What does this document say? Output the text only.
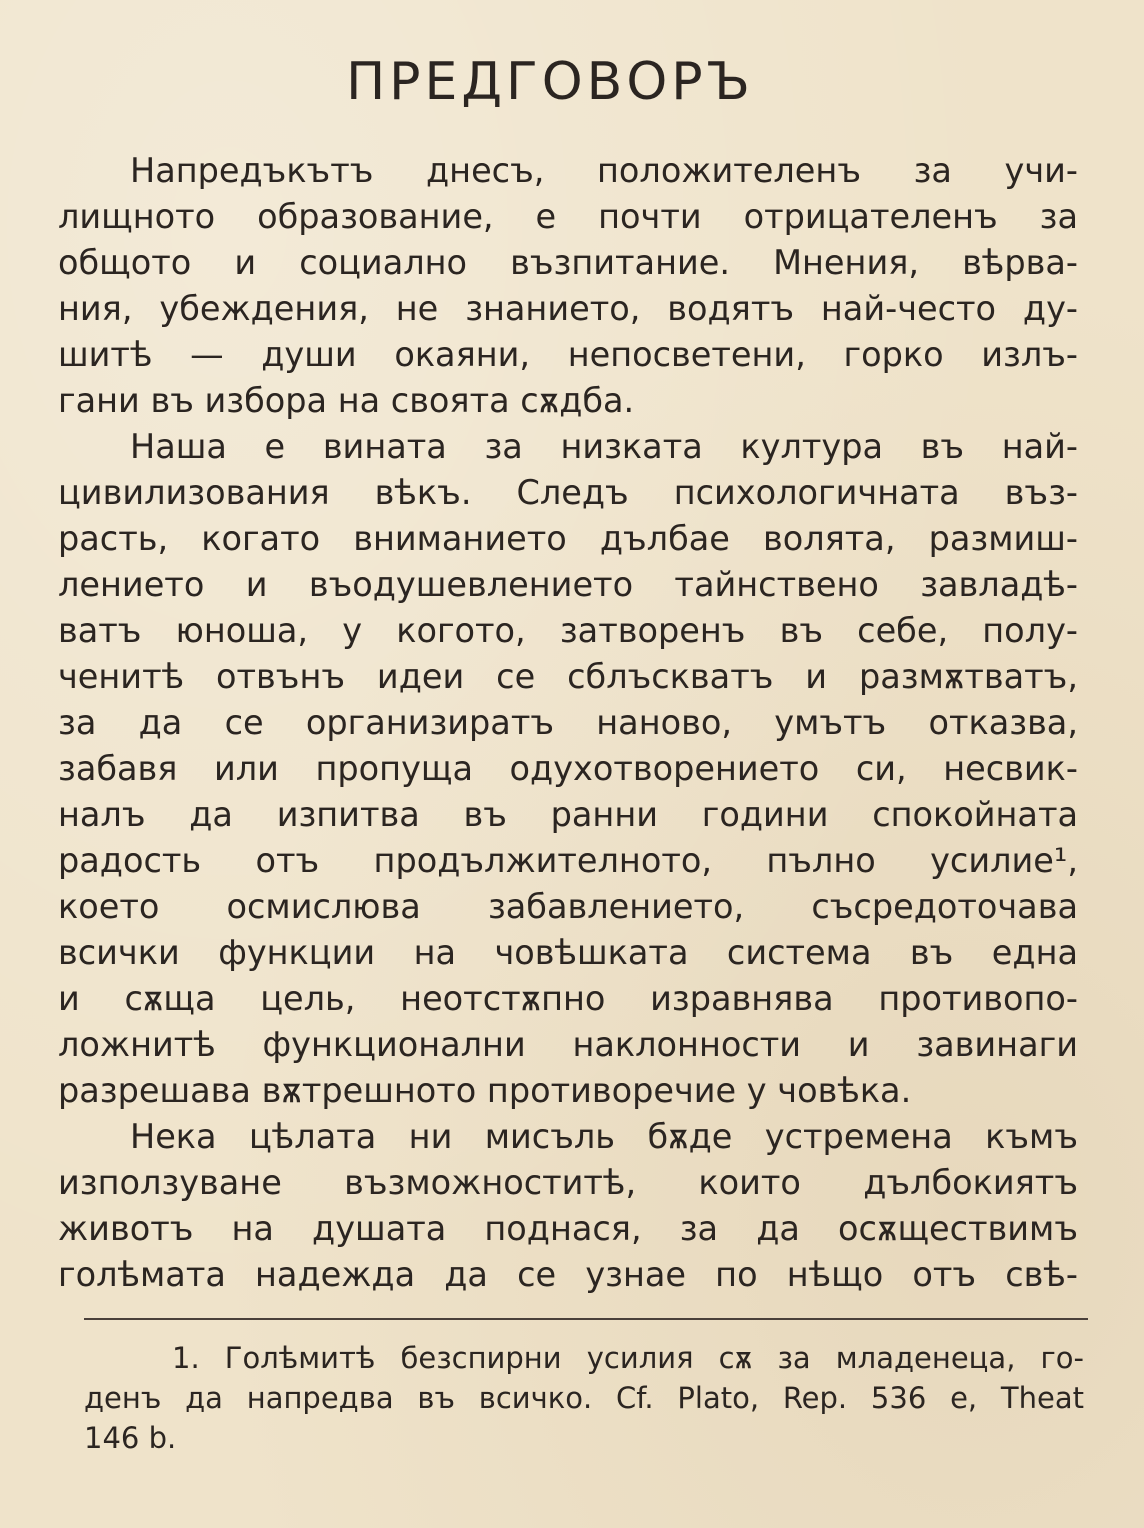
ПРЕДГОВОРЪ
Напредъкътъ днесъ, положителенъ за учи-
лищното образование, е почти отрицателенъ за
общото и социално възпитание. Мнения, вѣрва-
ния, убеждения, не знанието, водятъ най-често ду-
шитѣ — души окаяни, непосветени, горко излъ-
гани въ избора на своята сѫдба.
Наша е вината за низката култура въ най-
цивилизования вѣкъ. Следъ психологичната въз-
расть, когато вниманието дълбае волята, размиш-
лението и въодушевлението тайнствено завладѣ-
ватъ юноша, у когото, затворенъ въ себе, полу-
ченитѣ отвънъ идеи се сблъскватъ и размѫтватъ,
за да се организиратъ наново, умътъ отказва,
забавя или пропуща одухотворението си, несвик-
налъ да изпитва въ ранни години спокойната
радость отъ продължителното, пълно усилие¹,
което осмислюва забавлението, съсредоточава
всички функции на човѣшката система въ една
и сѫща цель, неотстѫпно изравнява противопо-
ложнитѣ функционални наклонности и завинаги
разрешава вѫтрешното противоречие у човѣка.
Нека цѣлата ни мисъль бѫде устремена къмъ
използуване възможноститѣ, които дълбокиятъ
животъ на душата поднася, за да осѫществимъ
голѣмата надежда да се узнае по нѣщо отъ свѣ-
1. Голѣмитѣ безспирни усилия сѫ за младенеца, го-
денъ да напредва въ всичко. Cf. Plato, Rep. 536 e, Theat
146 b.
